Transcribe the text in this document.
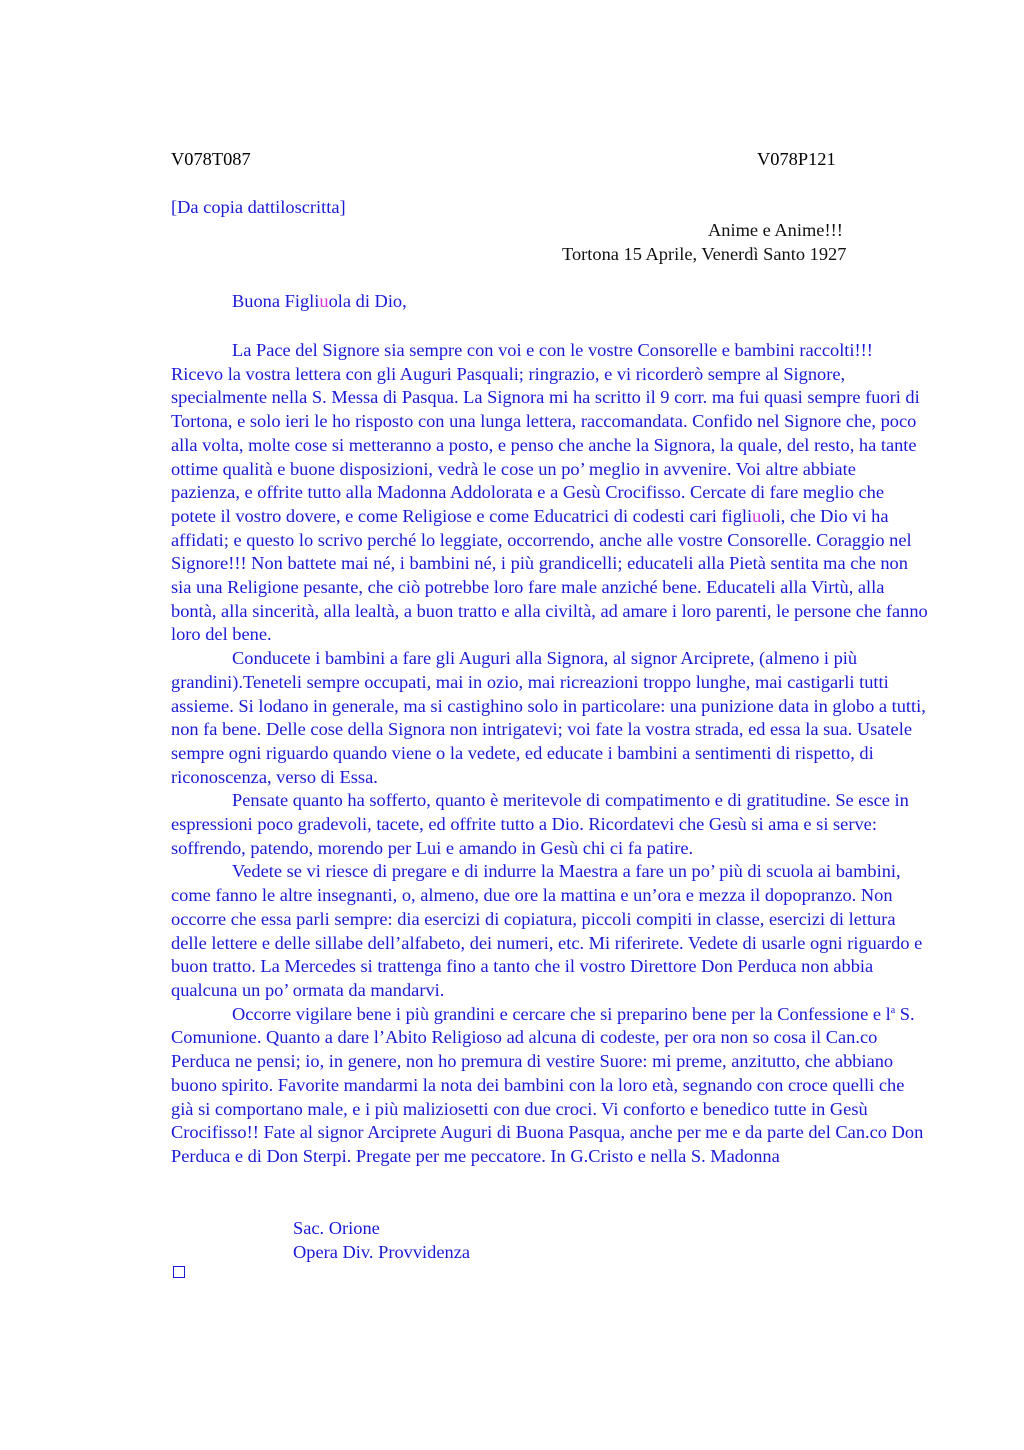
V078T087	V078P121
[Da copia dattiloscritta]
Anime e Anime!!!
Tortona 15 Aprile, Venerdì Santo 1927
Buona Figliuola di Dio,

La Pace del Signore sia sempre con voi e con le vostre Consorelle e bambini raccolti!!! Ricevo la vostra lettera con gli Auguri Pasquali; ringrazio, e vi ricorderò sempre al Signore, specialmente nella S. Messa di Pasqua. La Signora mi ha scritto il 9 corr. ma fui quasi sempre fuori di Tortona, e solo ieri le ho risposto con una lunga lettera, raccomandata. Confido nel Signore che, poco alla volta, molte cose si metteranno a posto, e penso che anche la Signora, la quale, del resto, ha tante ottime qualità e buone disposizioni, vedrà le cose un po’ meglio in avvenire. Voi altre abbiate pazienza, e offrite tutto alla Madonna Addolorata e a Gesù Crocifisso. Cercate di fare meglio che potete il vostro dovere, e come Religiose e come Educatrici di codesti cari figliuoli, che Dio vi ha affidati; e questo lo scrivo perché lo leggiate, occorrendo, anche alle vostre Consorelle. Coraggio nel Signore!!! Non battete mai né, i bambini né, i più grandicelli; educateli alla Pietà sentita ma che non sia una Religione pesante, che ciò potrebbe loro fare male anziché bene. Educateli alla Virtù, alla bontà, alla sincerità, alla lealtà, a buon tratto e alla civiltà, ad amare i loro parenti, le persone che fanno loro del bene.

Conducete i bambini a fare gli Auguri alla Signora, al signor Arciprete, (almeno i più grandini).Teneteli sempre occupati, mai in ozio, mai ricreazioni troppo lunghe, mai castigarli tutti assieme. Si lodano in generale, ma si castighino solo in particolare: una punizione data in globo a tutti, non fa bene. Delle cose della Signora non intrigatevi; voi fate la vostra strada, ed essa la sua. Usatele sempre ogni riguardo quando viene o la vedete, ed educate i bambini a sentimenti di rispetto, di riconoscenza, verso di Essa.

Pensate quanto ha sofferto, quanto è meritevole di compatimento e di gratitudine. Se esce in espressioni poco gradevoli, tacete, ed offrite tutto a Dio. Ricordatevi che Gesù si ama e si serve: soffrendo, patendo, morendo per Lui e amando in Gesù chi ci fa patire.

Vedete se vi riesce di pregare e di indurre la Maestra a fare un po’ più di scuola ai bambini, come fanno le altre insegnanti, o, almeno, due ore la mattina e un’ora e mezza il dopopranzo. Non occorre che essa parli sempre: dia esercizi di copiatura, piccoli compiti in classe, esercizi di lettura delle lettere e delle sillabe dell’alfabeto, dei numeri, etc. Mi riferirete. Vedete di usarle ogni riguardo e buon tratto. La Mercedes si trattenga fino a tanto che il vostro Direttore Don Perduca non abbia qualcuna un po’ ormata da mandarvi.

Occorre vigilare bene i più grandini e cercare che si preparino bene per la Confessione e $l^a$ S. Comunione. Quanto a dare l’Abito Religioso ad alcuna di codeste, per ora non so cosa il Can.co Perduca ne pensi; io, in genere, non ho premura di vestire Suore: mi preme, anzitutto, che abbiano buono spirito. Favorite mandarmi la nota dei bambini con la loro età, segnando con croce quelli che già si comportano male, e i più maliziosetti con due croci. Vi conforto e benedico tutte in Gesù Crocifisso!! Fate al signor Arciprete Auguri di Buona Pasqua, anche per me e da parte del Can.co Don Perduca e di Don Sterpi. Pregate per me peccatore. In G.Cristo e nella S. Madonna

Sac. Orione
Opera Div. Provvidenza
